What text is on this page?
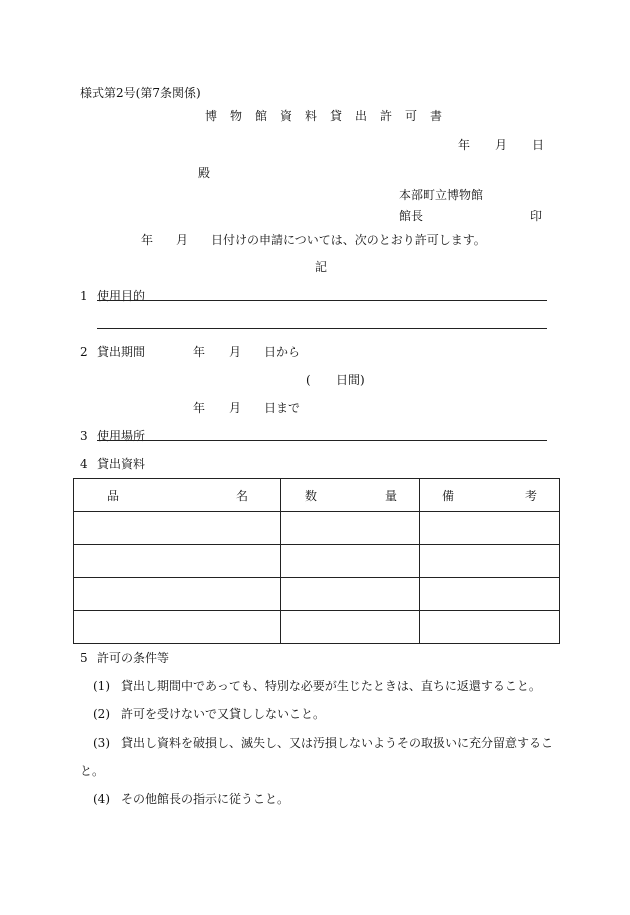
様式第2号(第7条関係)
博物館資料貸出許可書
年 月 日
殿
本部町立博物館
館長	印
年 月 日付けの申請については、次のとおり許可します。
記
1 使用目的
2 貸出期間	年 月 日から
( 日間)
年 月 日まで
3 使用場所
4 貸出資料
品 名	数 量	備 考

5 許可の条件等
(1) 貸出し期間中であっても、特別な必要が生じたときは、直ちに返還すること。
(2) 許可を受けないで又貸ししないこと。
(3) 貸出し資料を破損し、滅失し、又は汚損しないようその取扱いに充分留意するこ
と。
(4) その他館長の指示に従うこと。
